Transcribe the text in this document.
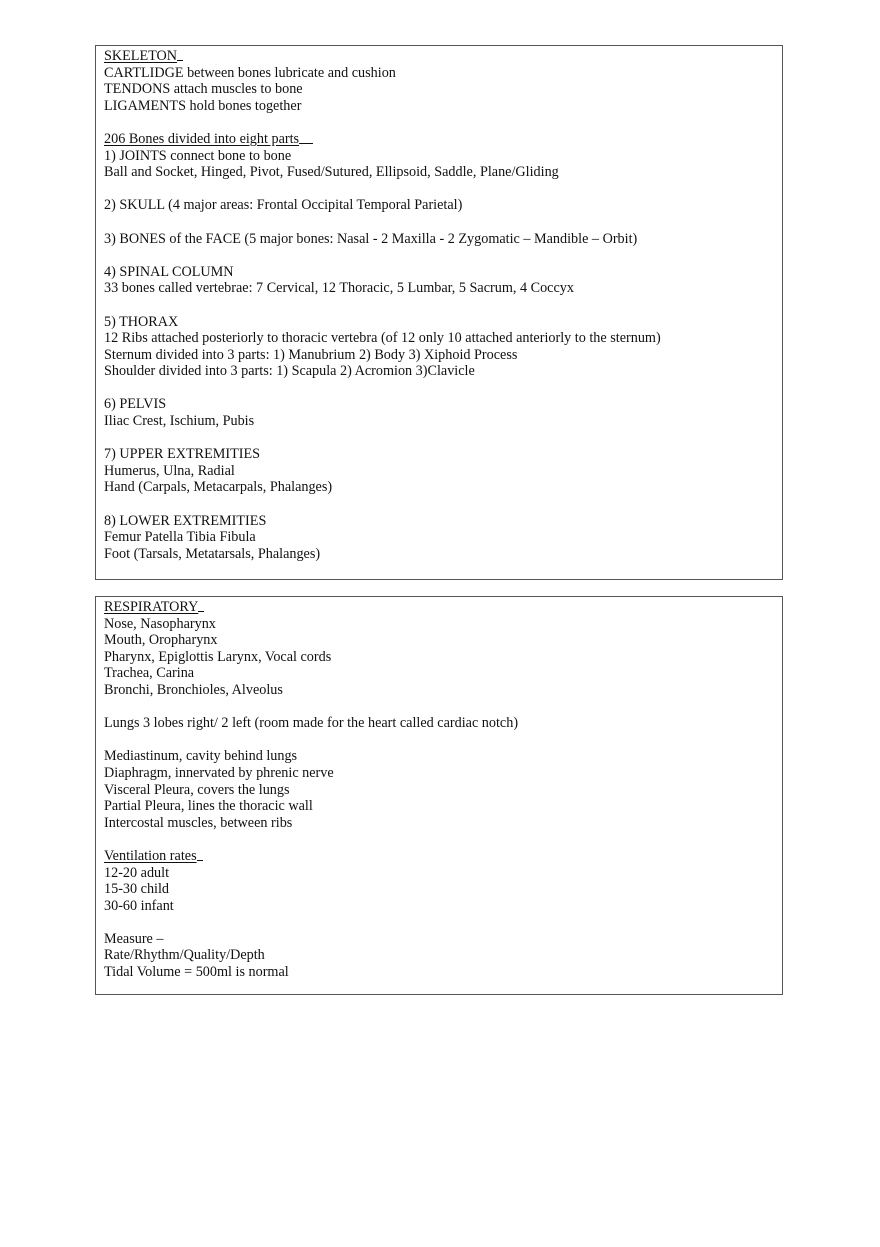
SKELETON
CARTLIDGE between bones lubricate and cushion
TENDONS attach muscles to bone
LIGAMENTS hold bones together
206 Bones divided into eight parts
1) JOINTS connect bone to bone
Ball and Socket, Hinged, Pivot, Fused/Sutured, Ellipsoid, Saddle, Plane/Gliding
2) SKULL (4 major areas: Frontal Occipital Temporal Parietal)
3) BONES of the FACE (5 major bones: Nasal - 2 Maxilla - 2 Zygomatic – Mandible – Orbit)
4) SPINAL COLUMN
33 bones called vertebrae: 7 Cervical, 12 Thoracic, 5 Lumbar, 5 Sacrum, 4 Coccyx
5) THORAX
12 Ribs attached posteriorly to thoracic vertebra (of 12 only 10 attached anteriorly to the sternum)
Sternum divided into 3 parts: 1) Manubrium 2) Body 3) Xiphoid Process
Shoulder divided into 3 parts: 1) Scapula 2) Acromion 3)Clavicle
6) PELVIS
Iliac Crest, Ischium, Pubis
7) UPPER EXTREMITIES
Humerus, Ulna, Radial
Hand (Carpals, Metacarpals, Phalanges)
8) LOWER EXTREMITIES
Femur Patella Tibia Fibula
Foot (Tarsals, Metatarsals, Phalanges)
RESPIRATORY
Nose, Nasopharynx
Mouth, Oropharynx
Pharynx, Epiglottis Larynx, Vocal cords
Trachea, Carina
Bronchi, Bronchioles, Alveolus
Lungs 3 lobes right/ 2 left (room made for the heart called cardiac notch)
Mediastinum, cavity behind lungs
Diaphragm, innervated by phrenic nerve
Visceral Pleura, covers the lungs
Partial Pleura, lines the thoracic wall
Intercostal muscles, between ribs
Ventilation rates
12-20 adult
15-30 child
30-60 infant
Measure –
Rate/Rhythm/Quality/Depth
Tidal Volume = 500ml is normal
